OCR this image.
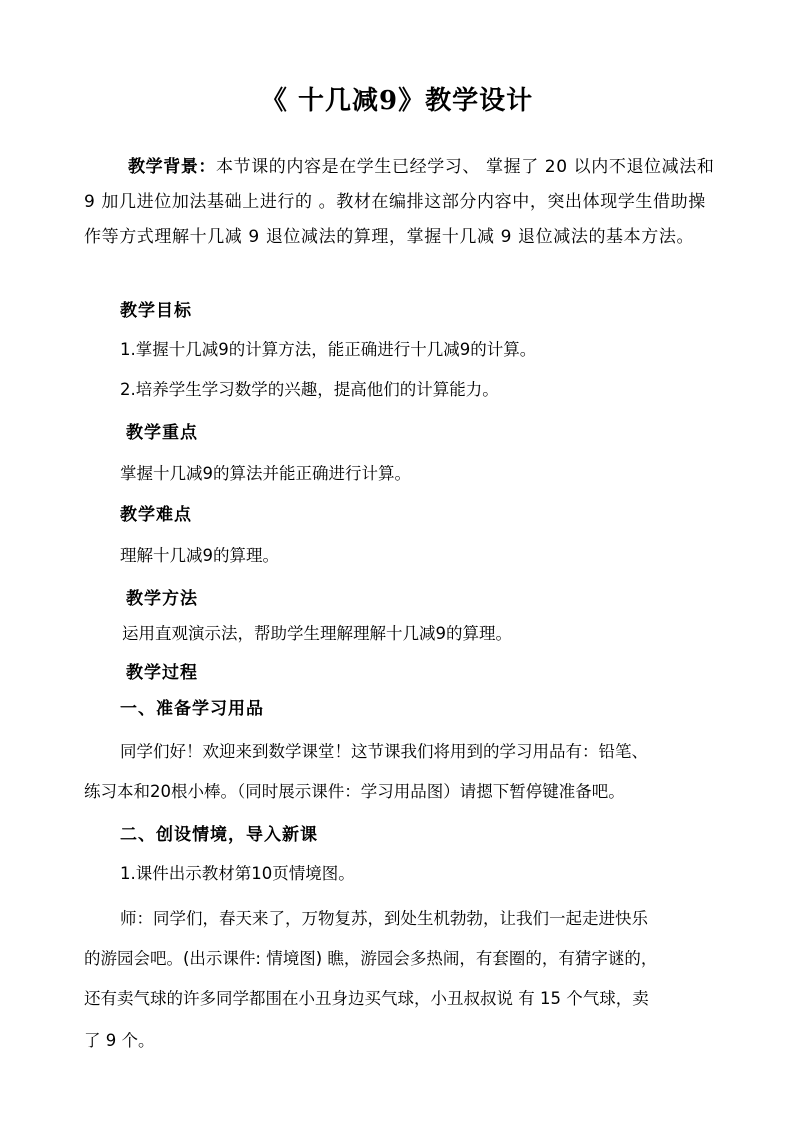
《 十几减9》教学设计
教学背景：本节课的内容是在学生已经学习、 掌握了 20 以内不退位减法和 9 加几进位加法基础上进行的 。教材在编排这部分内容中，突出体现学生借助操作等方式理解十几减 9 退位减法的算理，掌握十几减 9 退位减法的基本方法。
教学目标
1.掌握十几减9的计算方法，能正确进行十几减9的计算。
2.培养学生学习数学的兴趣，提高他们的计算能力。
教学重点
掌握十几减9的算法并能正确进行计算。
教学难点
理解十几减9的算理。
教学方法
运用直观演示法，帮助学生理解理解十几减9的算理。
教学过程
一、准备学习用品
同学们好！欢迎来到数学课堂！这节课我们将用到的学习用品有：铅笔、
练习本和20根小棒。（同时展示课件：学习用品图）请摁下暂停键准备吧。
二、创设情境，导入新课
1.课件出示教材第10页情境图。
师：同学们，春天来了，万物复苏，到处生机勃勃，让我们一起走进快乐
的游园会吧。(出示课件: 情境图) 瞧，游园会多热闹，有套圈的，有猜字谜的，
还有卖气球的许多同学都围在小丑身边买气球，小丑叔叔说 有 15 个气球，卖
了 9 个。
